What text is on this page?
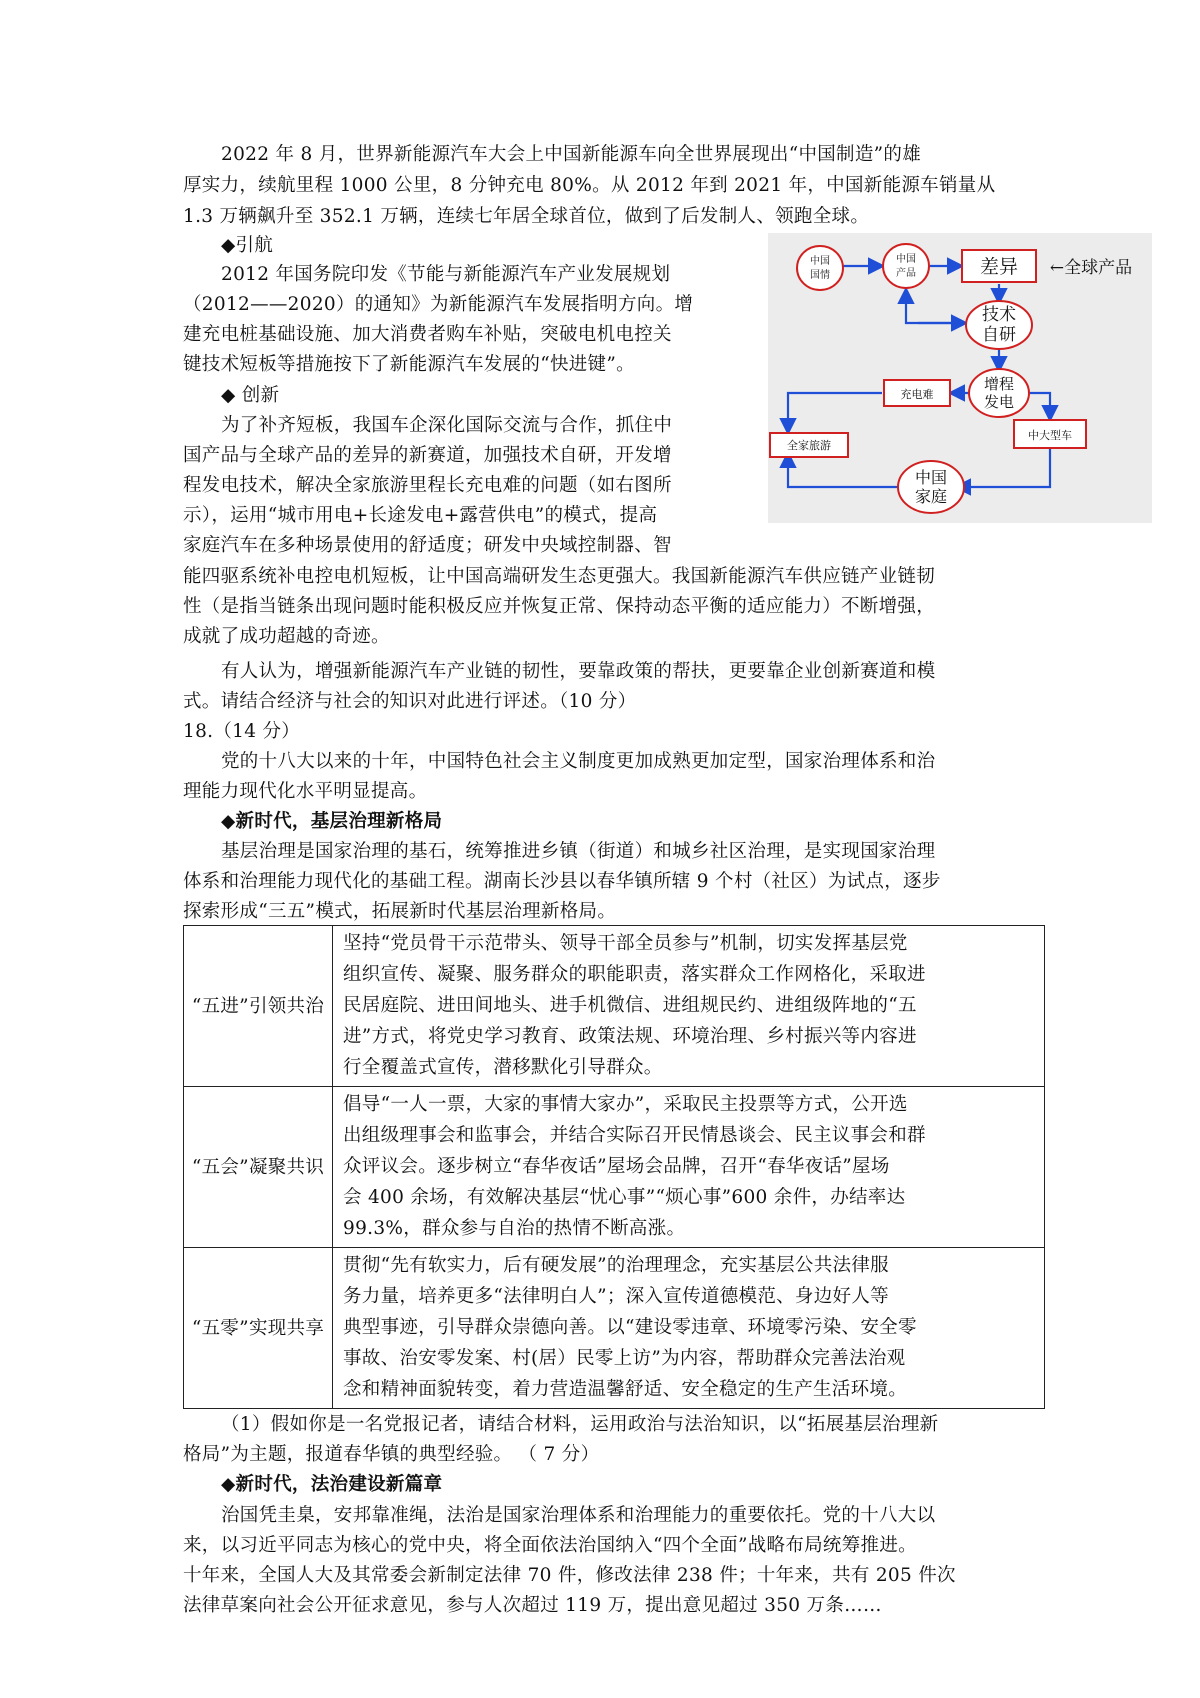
2022 年 8 月，世界新能源汽车大会上中国新能源车向全世界展现出“中国制造”的雄
厚实力，续航里程 1000 公里，8 分钟充电 80%。从 2012 年到 2021 年，中国新能源车销量从
1.3 万辆飙升至 352.1 万辆，连续七年居全球首位，做到了后发制人、领跑全球。
◆引航
2012 年国务院印发《节能与新能源汽车产业发展规划
（2012——2020）的通知》为新能源汽车发展指明方向。增
建充电桩基础设施、加大消费者购车补贴，突破电机电控关
键技术短板等措施按下了新能源汽车发展的“快进键”。
◆ 创新
为了补齐短板，我国车企深化国际交流与合作，抓住中
国产品与全球产品的差异的新赛道，加强技术自研，开发增
程发电技术，解决全家旅游里程长充电难的问题（如右图所
示），运用“城市用电+长途发电+露营供电”的模式，提高
家庭汽车在多种场景使用的舒适度；研发中央域控制器、智
能四驱系统补电控电机短板，让中国高端研发生态更强大。我国新能源汽车供应链产业链韧
性（是指当链条出现问题时能积极反应并恢复正常、保持动态平衡的适应能力）不断增强，
成就了成功超越的奇迹。
有人认为，增强新能源汽车产业链的韧性，要靠政策的帮扶，更要靠企业创新赛道和模
式。请结合经济与社会的知识对此进行评述。（10 分）
中国
国情
中国
产品	差异 ←全球产品
技术
自研
充电难
增程
发电
全家旅游
中大型车
中国
家庭
18.（14 分）
党的十八大以来的十年，中国特色社会主义制度更加成熟更加定型，国家治理体系和治
理能力现代化水平明显提高。
◆新时代，基层治理新格局
基层治理是国家治理的基石，统筹推进乡镇（街道）和城乡社区治理，是实现国家治理
体系和治理能力现代化的基础工程。湖南长沙县以春华镇所辖 9 个村（社区）为试点，逐步
探索形成“三五”模式，拓展新时代基层治理新格局。
“五进”引领共治	坚持“党员骨干示范带头、领导干部全员参与”机制，切实发挥基层党
组织宣传、凝聚、服务群众的职能职责，落实群众工作网格化，采取进
民居庭院、进田间地头、进手机微信、进组规民约、进组级阵地的“五
进”方式，将党史学习教育、政策法规、环境治理、乡村振兴等内容进
行全覆盖式宣传，潜移默化引导群众。

“五会”凝聚共识	倡导“一人一票，大家的事情大家办”，采取民主投票等方式，公开选
出组级理事会和监事会，并结合实际召开民情恳谈会、民主议事会和群
众评议会。逐步树立“春华夜话”屋场会品牌，召开“春华夜话”屋场
会 400 余场，有效解决基层“忧心事”“烦心事”600 余件，办结率达
99.3%，群众参与自治的热情不断高涨。

“五零”实现共享	贯彻“先有软实力，后有硬发展”的治理理念，充实基层公共法律服
务力量，培养更多“法律明白人”；深入宣传道德模范、身边好人等
典型事迹，引导群众崇德向善。以“建设零违章、环境零污染、安全零
事故、治安零发案、村(居）民零上访”为内容，帮助群众完善法治观
念和精神面貌转变，着力营造温馨舒适、安全稳定的生产生活环境。
（1）假如你是一名党报记者，请结合材料，运用政治与法治知识，以“拓展基层治理新
格局”为主题，报道春华镇的典型经验。 （ 7 分）
◆新时代，法治建设新篇章
治国凭圭臬，安邦靠准绳，法治是国家治理体系和治理能力的重要依托。党的十八大以
来，以习近平同志为核心的党中央，将全面依法治国纳入“四个全面”战略布局统筹推进。
十年来，全国人大及其常委会新制定法律 70 件，修改法律 238 件；十年来，共有 205 件次
法律草案向社会公开征求意见，参与人次超过 119 万，提出意见超过 350 万条……
